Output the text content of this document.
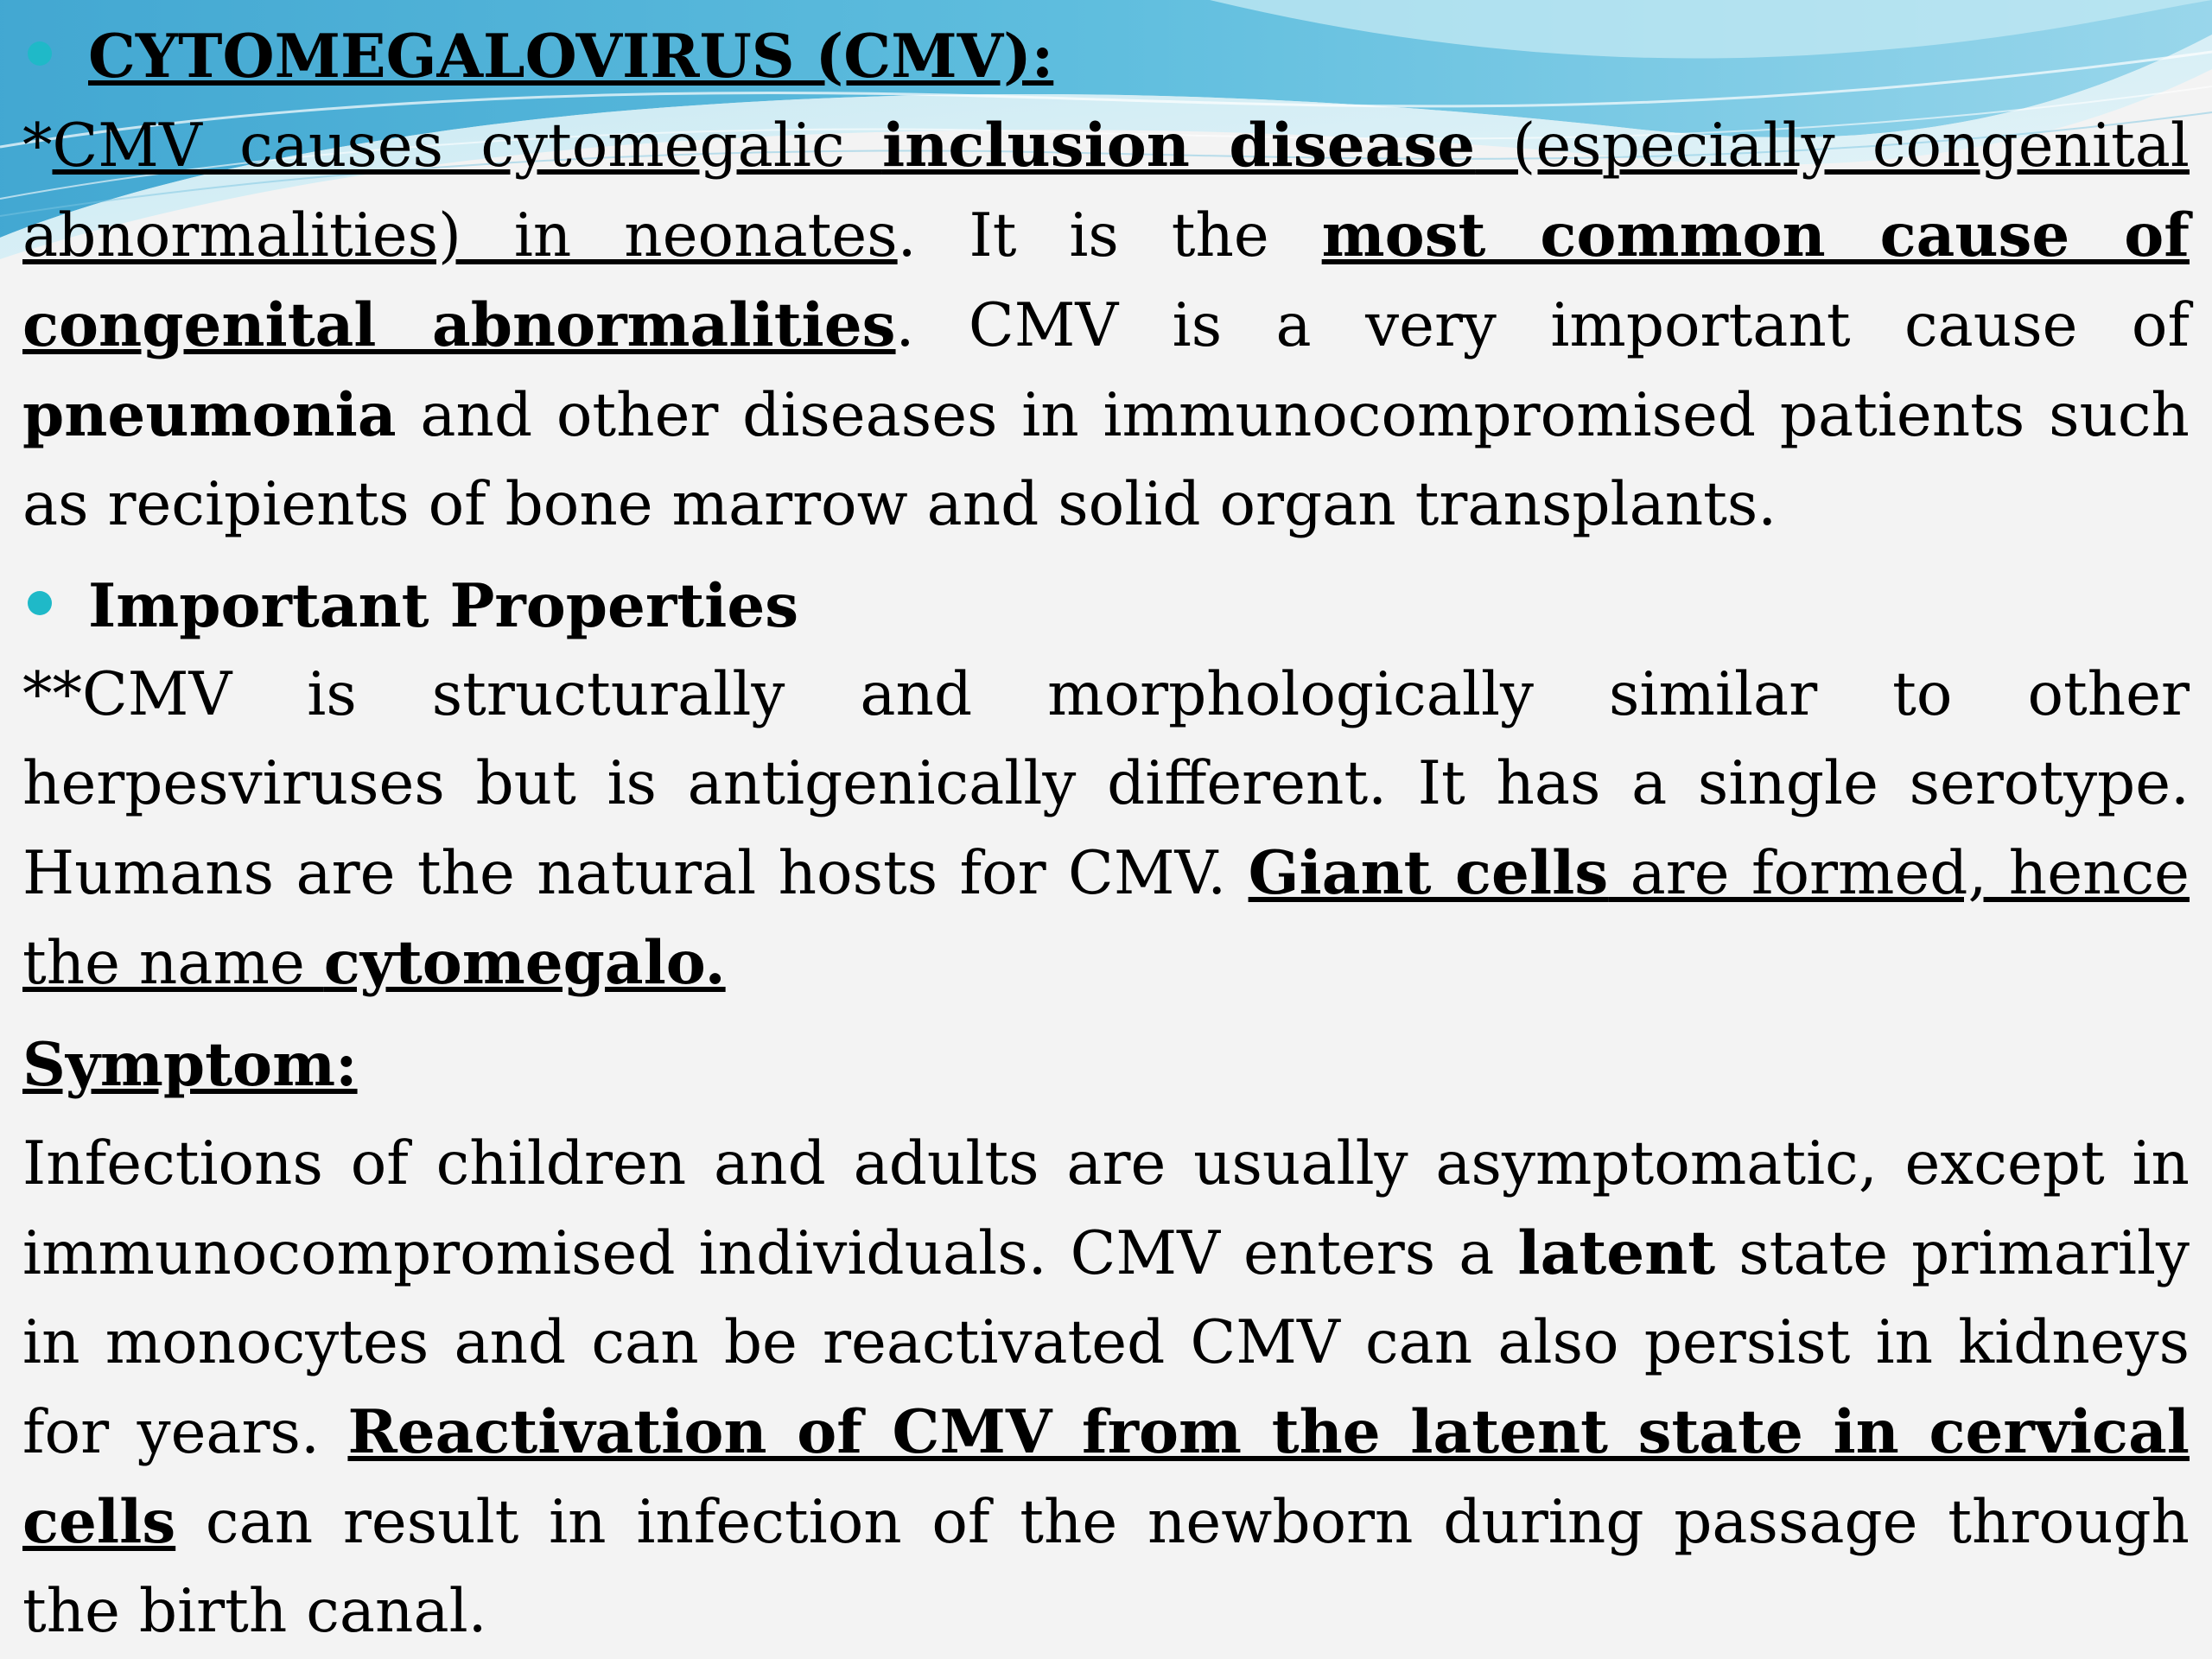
CYTOMEGALOVIRUS (CMV):

*CMV causes cytomegalic inclusion disease (especially congenital abnormalities) in neonates. It is the most common cause of congenital abnormalities. CMV is a very important cause of pneumonia and other diseases in immunocompromised patients such as recipients of bone marrow and solid organ transplants.

Important Properties

**CMV is structurally and morphologically similar to other herpesviruses but is antigenically different. It has a single serotype. Humans are the natural hosts for CMV. Giant cells are formed, hence the name cytomegalo.

Symptom:

Infections of children and adults are usually asymptomatic, except in immunocompromised individuals. CMV enters a latent state primarily in monocytes and can be reactivated CMV can also persist in kidneys for years. Reactivation of CMV from the latent state in cervical cells can result in infection of the newborn during passage through the birth canal.
